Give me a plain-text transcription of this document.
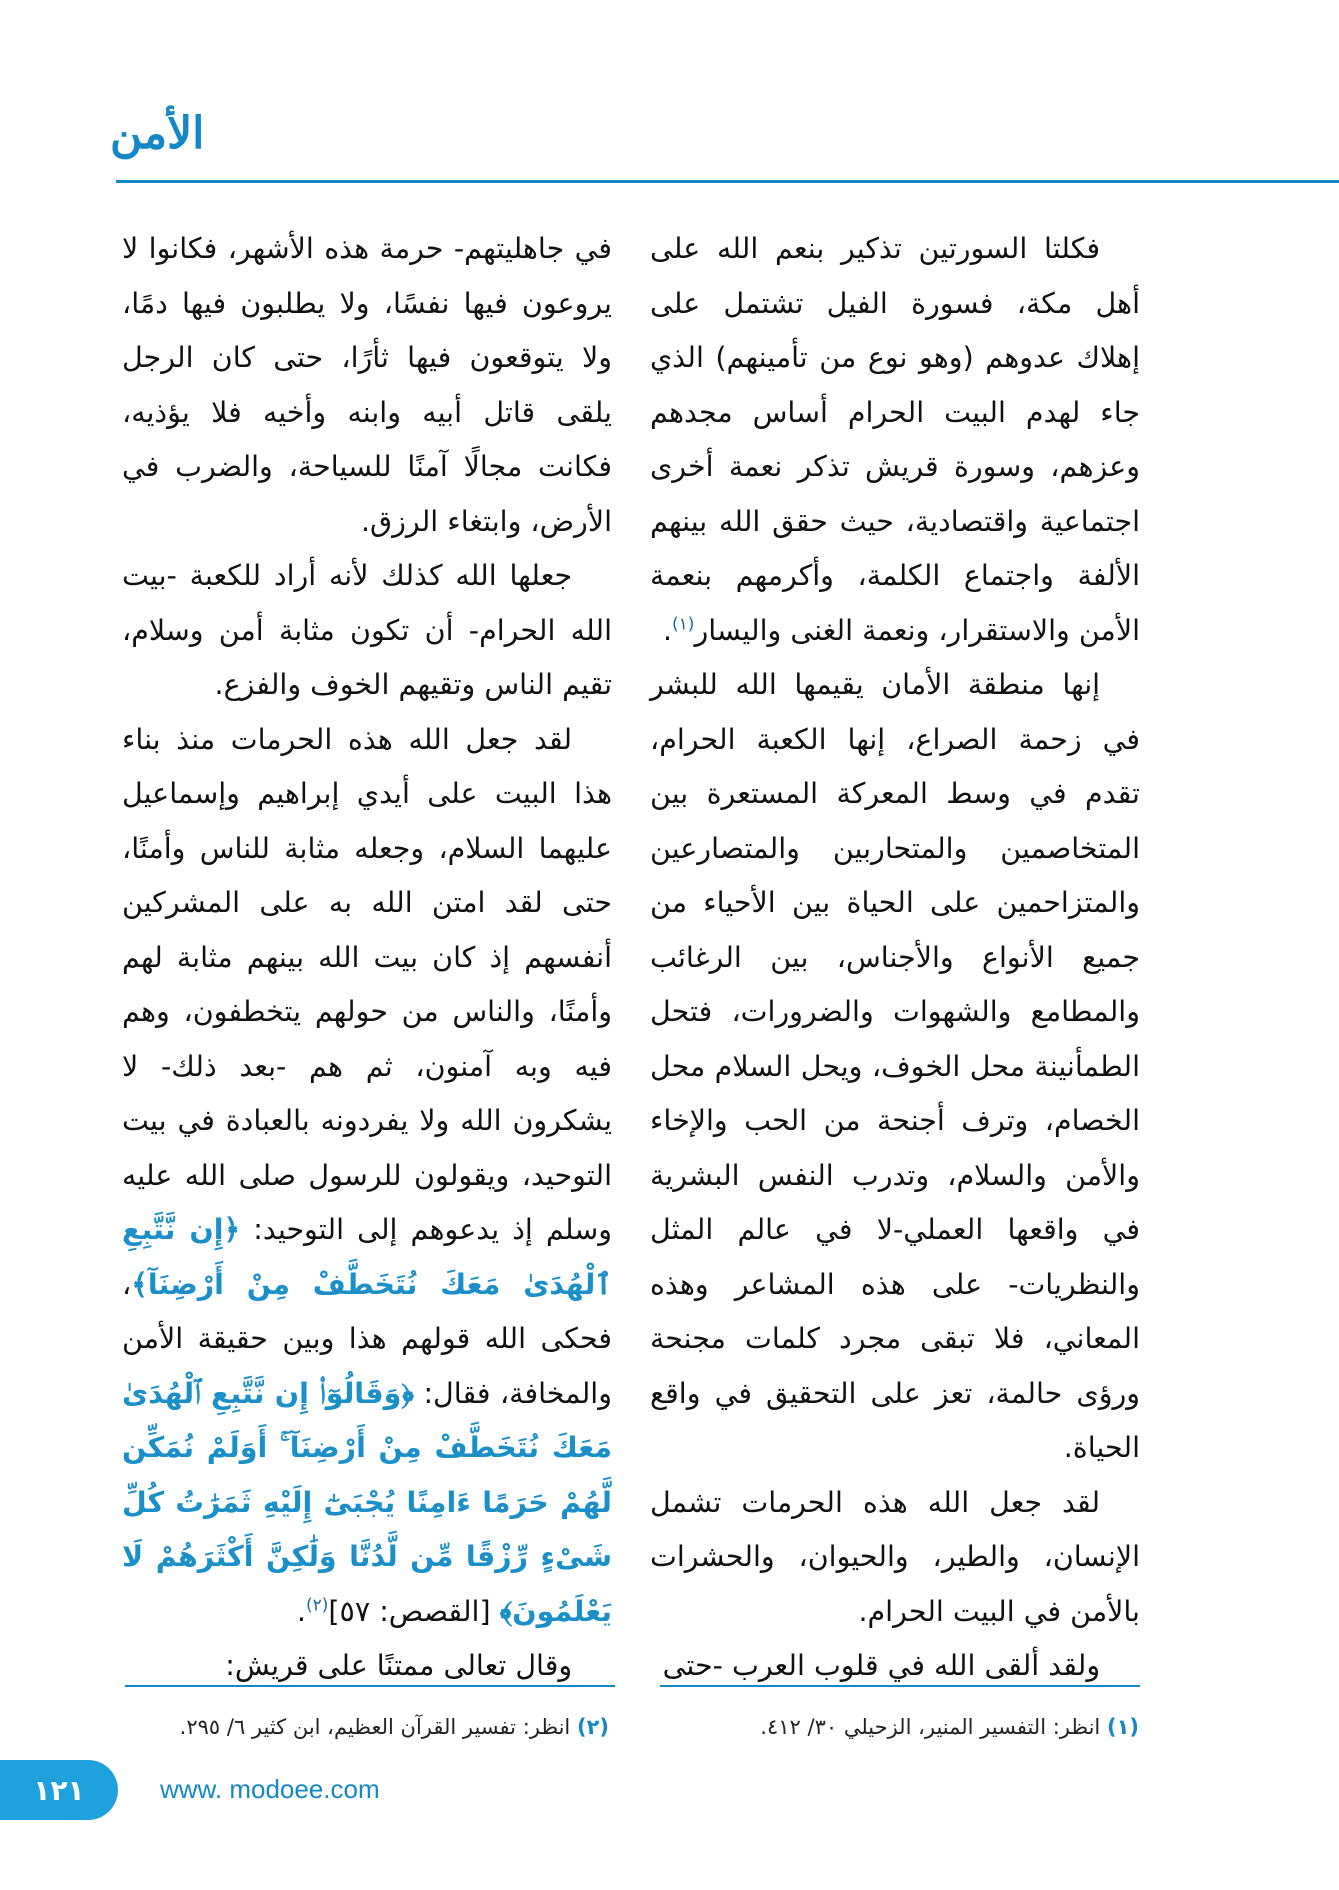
الأمن

فكلتا السورتين تذكير بنعم الله على أهل مكة، فسورة الفيل تشتمل على إهلاك عدوهم (وهو نوع من تأمينهم) الذي جاء لهدم البيت الحرام أساس مجدهم وعزهم، وسورة قريش تذكر نعمة أخرى اجتماعية واقتصادية، حيث حقق الله بينهم الألفة واجتماع الكلمة، وأكرمهم بنعمة الأمن والاستقرار، ونعمة الغنى واليسار$^{(١)}$.

إنها منطقة الأمان يقيمها الله للبشر في زحمة الصراع، إنها الكعبة الحرام، تقدم في وسط المعركة المستعرة بين المتخاصمين والمتحاربين والمتصارعين والمتزاحمين على الحياة بين الأحياء من جميع الأنواع والأجناس، بين الرغائب والمطامع والشهوات والضرورات، فتحل الطمأنينة محل الخوف، ويحل السلام محل الخصام، وترف أجنحة من الحب والإخاء والأمن والسلام، وتدرب النفس البشرية في واقعها العملي-لا في عالم المثل والنظريات- على هذه المشاعر وهذه المعاني، فلا تبقى مجرد كلمات مجنحة ورؤى حالمة، تعز على التحقيق في واقع الحياة.

لقد جعل الله هذه الحرمات تشمل الإنسان، والطير، والحيوان، والحشرات بالأمن في البيت الحرام.

ولقد ألقى الله في قلوب العرب -حتى

في جاهليتهم- حرمة هذه الأشهر، فكانوا لا يروعون فيها نفسًا، ولا يطلبون فيها دمًا، ولا يتوقعون فيها ثأرًا، حتى كان الرجل يلقى قاتل أبيه وابنه وأخيه فلا يؤذيه، فكانت مجالًا آمنًا للسياحة، والضرب في الأرض، وابتغاء الرزق.

جعلها الله كذلك لأنه أراد للكعبة -بيت الله الحرام- أن تكون مثابة أمن وسلام، تقيم الناس وتقيهم الخوف والفزع.

لقد جعل الله هذه الحرمات منذ بناء هذا البيت على أيدي إبراهيم وإسماعيل عليهما السلام، وجعله مثابة للناس وأمنًا، حتى لقد امتن الله به على المشركين أنفسهم إذ كان بيت الله بينهم مثابة لهم وأمنًا، والناس من حولهم يتخطفون، وهم فيه وبه آمنون، ثم هم -بعد ذلك- لا يشكرون الله ولا يفردونه بالعبادة في بيت التوحيد، ويقولون للرسول صلى الله عليه وسلم إذ يدعوهم إلى التوحيد: ﴿إِن نَّتَّبِعِ ٱلْهُدَىٰ مَعَكَ نُتَخَطَّفْ مِنْ أَرْضِنَآ﴾، فحكى الله قولهم هذا وبين حقيقة الأمن والمخافة، فقال: ﴿وَقَالُوٓا۟ إِن نَّتَّبِعِ ٱلْهُدَىٰ مَعَكَ نُتَخَطَّفْ مِنْ أَرْضِنَآ ۚ أَوَلَمْ نُمَكِّن لَّهُمْ حَرَمًا ءَامِنًا يُجْبَىٰٓ إِلَيْهِ ثَمَرَٰتُ كُلِّ شَىْءٍ رِّزْقًا مِّن لَّدُنَّا وَلَٰكِنَّ أَكْثَرَهُمْ لَا يَعْلَمُونَ﴾ [القصص: ٥٧]$^{(٢)}$.

وقال تعالى ممتنًا على قريش:

(١) انظر: التفسير المنير، الزحيلي ٣٠/ ٤١٢.
(٢) انظر: تفسير القرآن العظيم، ابن كثير ٦/ ٢٩٥.
١٢١	www. modoee.com
